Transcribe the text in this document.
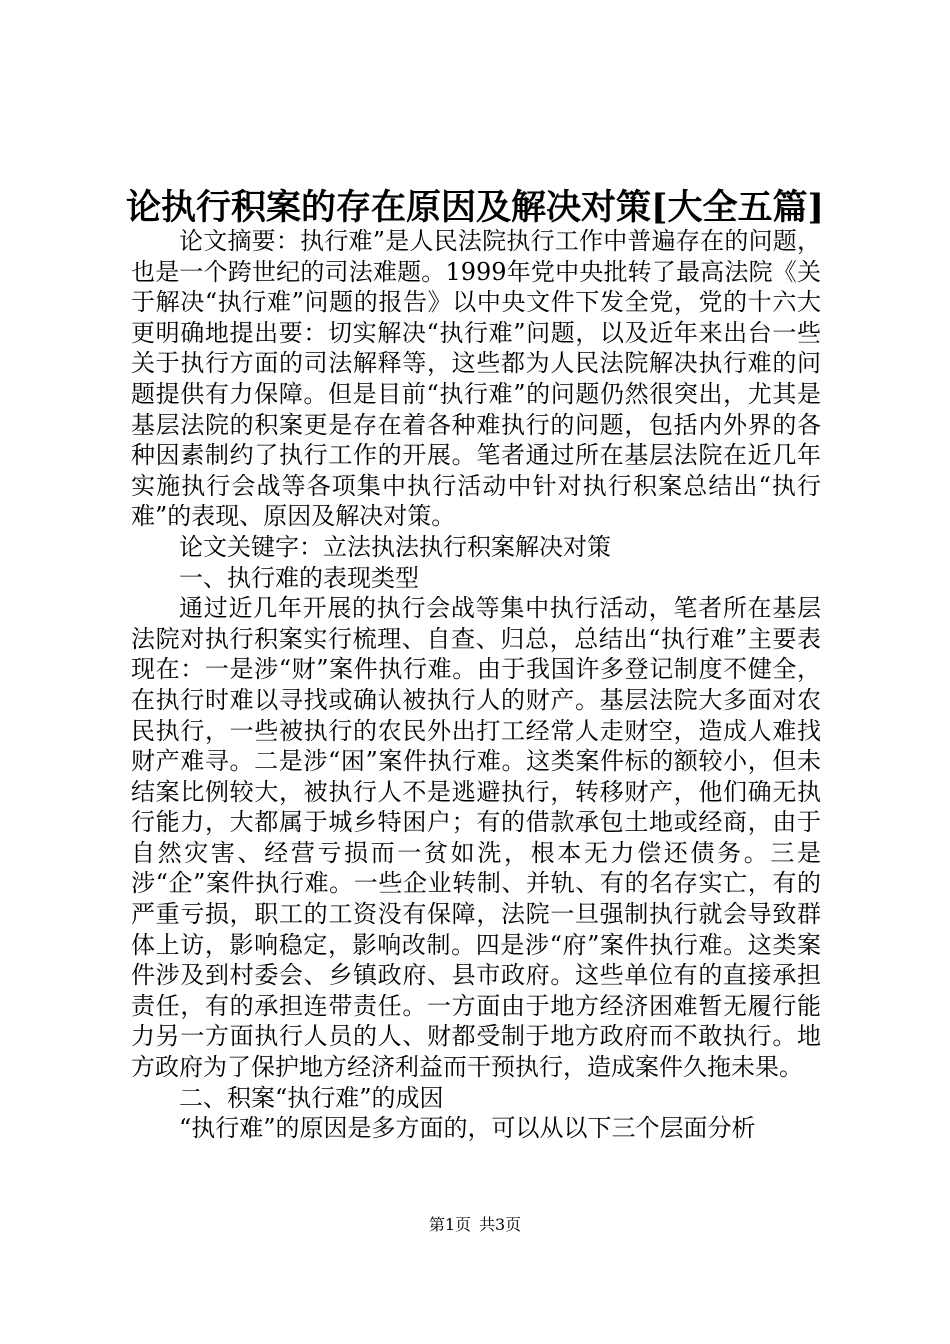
论执行积案的存在原因及解决对策[大全五篇]

论文摘要：执行难”是人民法院执行工作中普遍存在的问题，也是一个跨世纪的司法难题。1999年党中央批转了最高法院《关于解决“执行难”问题的报告》以中央文件下发全党，党的十六大更明确地提出要：切实解决“执行难”问题，以及近年来出台一些关于执行方面的司法解释等，这些都为人民法院解决执行难的问题提供有力保障。但是目前“执行难”的问题仍然很突出，尤其是基层法院的积案更是存在着各种难执行的问题，包括内外界的各种因素制约了执行工作的开展。笔者通过所在基层法院在近几年实施执行会战等各项集中执行活动中针对执行积案总结出“执行难”的表现、原因及解决对策。

论文关键字：立法执法执行积案解决对策

一、执行难的表现类型

通过近几年开展的执行会战等集中执行活动，笔者所在基层法院对执行积案实行梳理、自查、归总，总结出“执行难”主要表现在：一是涉“财”案件执行难。由于我国许多登记制度不健全，在执行时难以寻找或确认被执行人的财产。基层法院大多面对农民执行，一些被执行的农民外出打工经常人走财空，造成人难找财产难寻。二是涉“困”案件执行难。这类案件标的额较小，但未结案比例较大，被执行人不是逃避执行，转移财产，他们确无执行能力，大都属于城乡特困户；有的借款承包土地或经商，由于自然灾害、经营亏损而一贫如洗，根本无力偿还债务。三是涉“企”案件执行难。一些企业转制、并轨、有的名存实亡，有的严重亏损，职工的工资没有保障，法院一旦强制执行就会导致群体上访，影响稳定，影响改制。四是涉“府”案件执行难。这类案件涉及到村委会、乡镇政府、县市政府。这些单位有的直接承担责任，有的承担连带责任。一方面由于地方经济困难暂无履行能力另一方面执行人员的人、财都受制于地方政府而不敢执行。地方政府为了保护地方经济利益而干预执行，造成案件久拖未果。

二、积案“执行难”的成因

“执行难”的原因是多方面的，可以从以下三个层面分析

第1页 共3页
